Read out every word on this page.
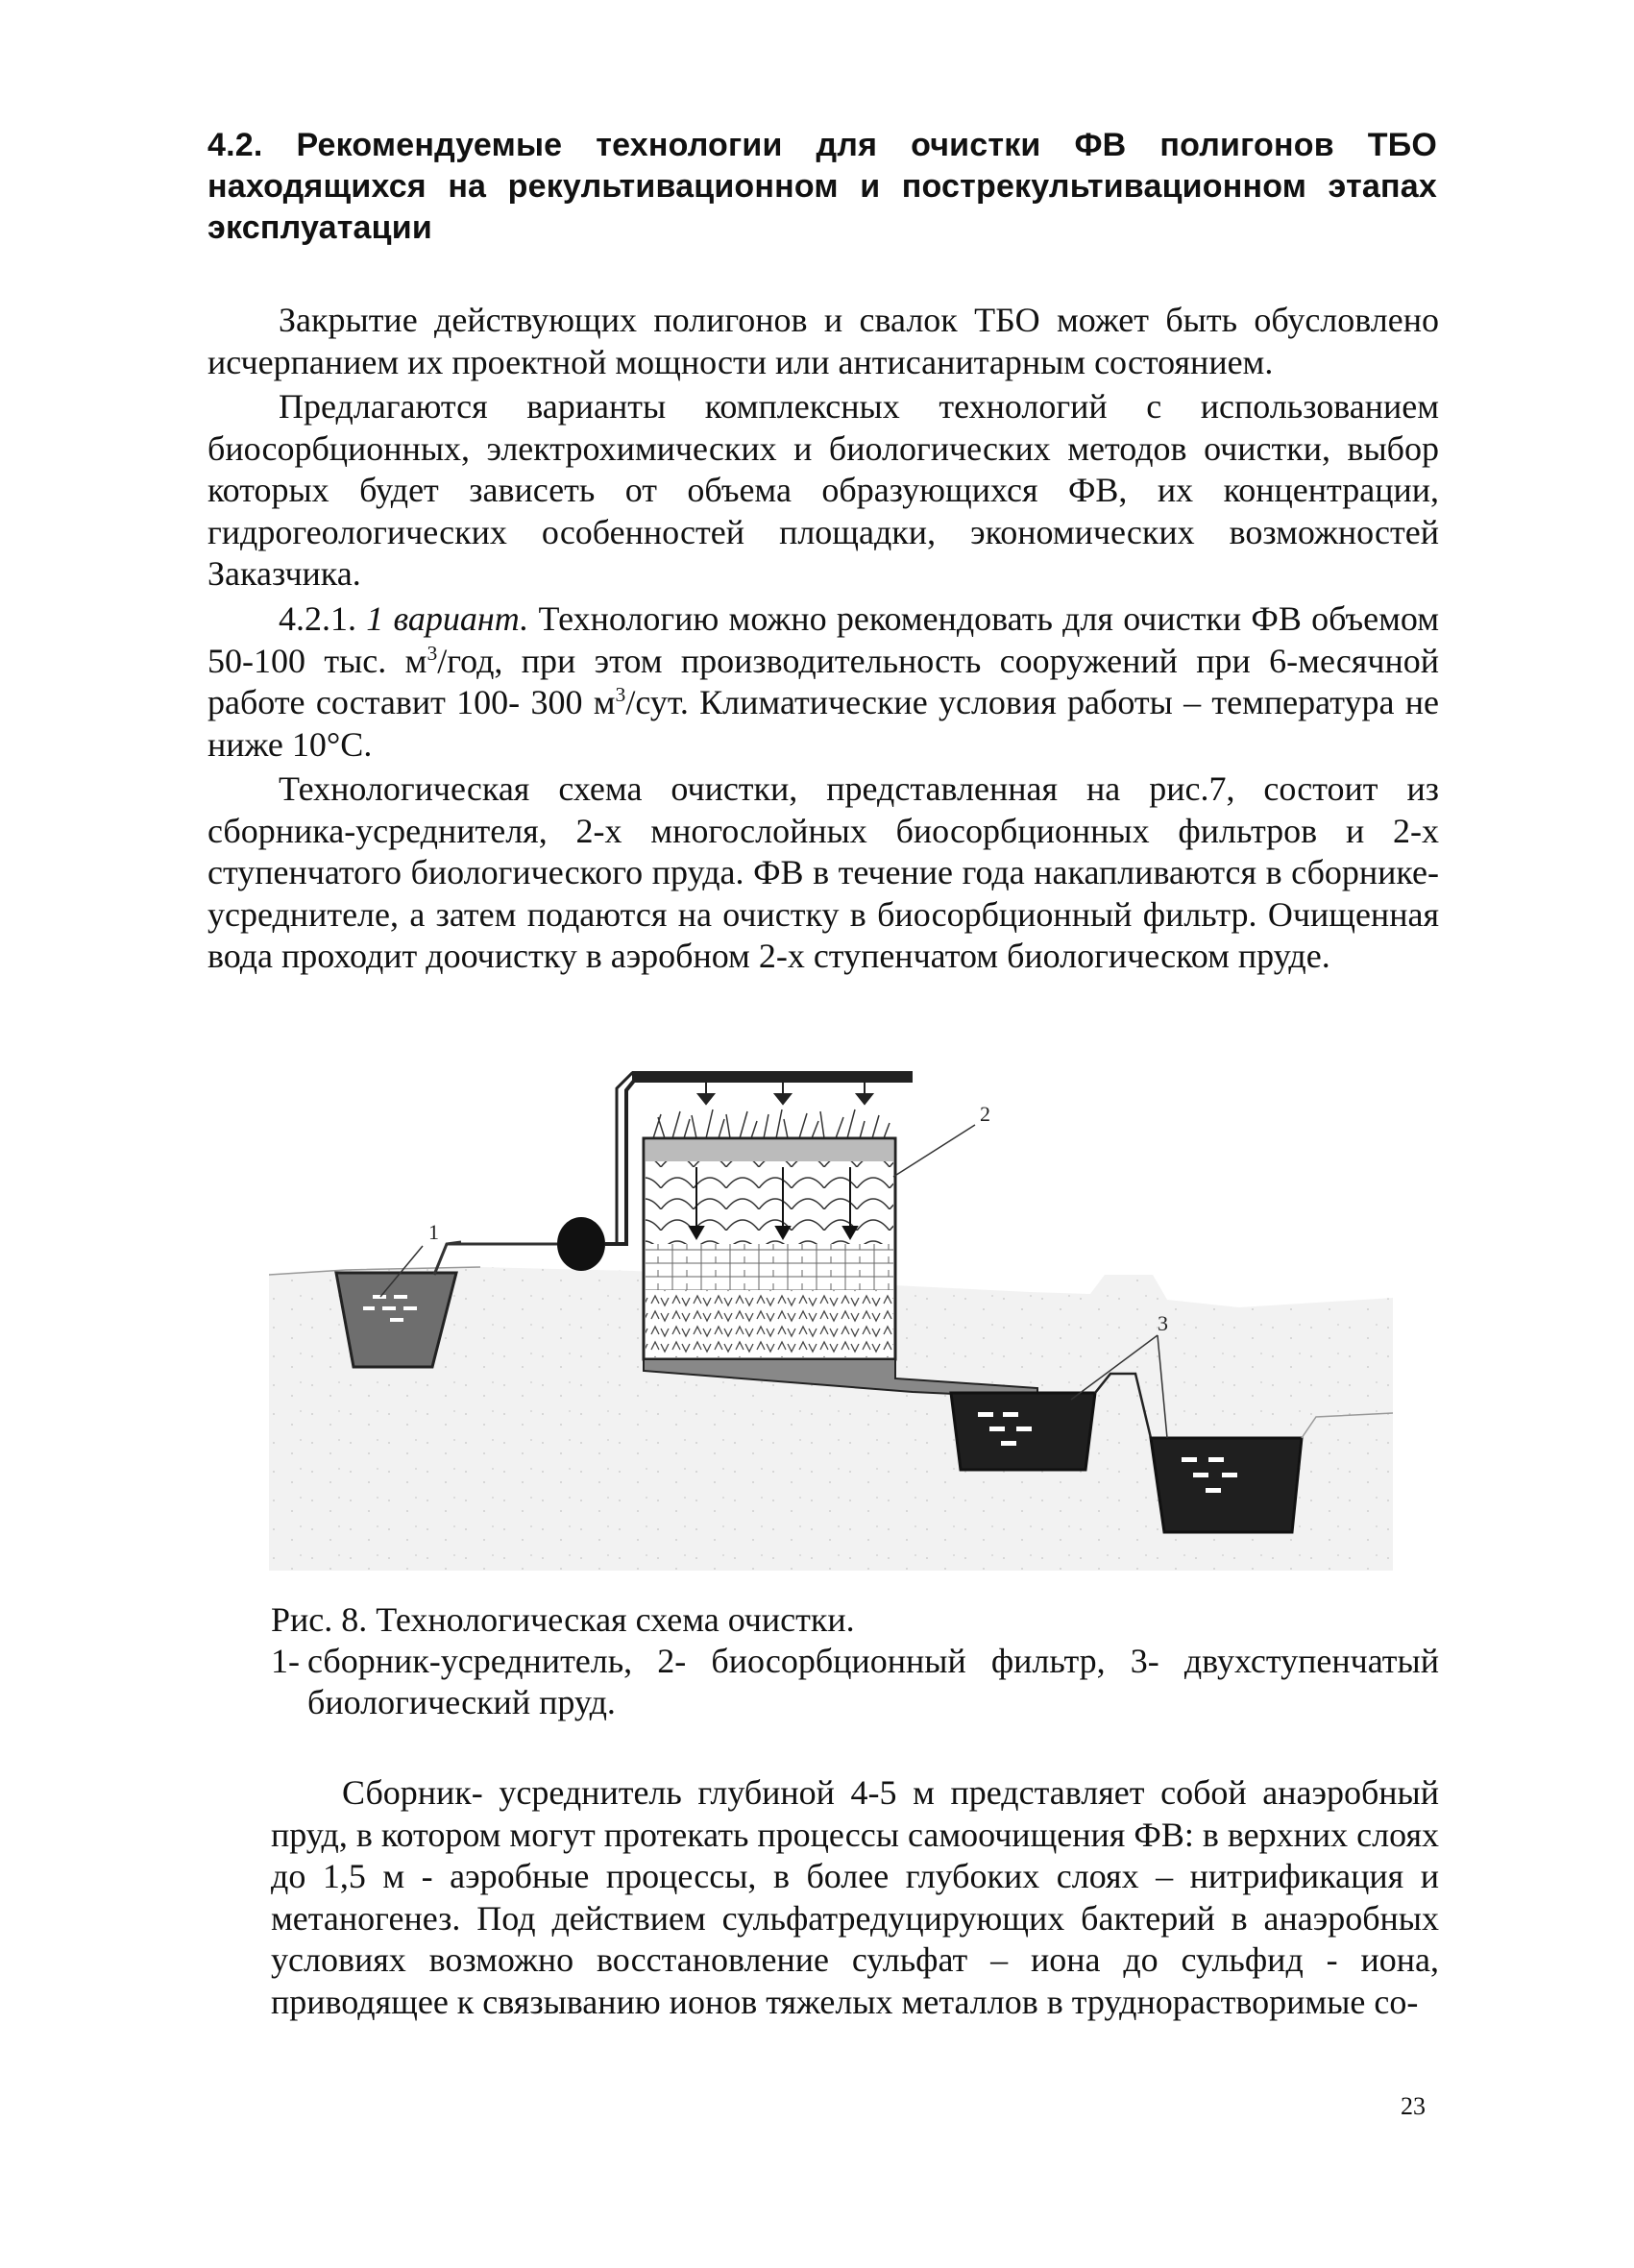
4.2. Рекомендуемые технологии для очистки ФВ полигонов ТБО находящихся на рекультивационном и пострекультивационном этапах эксплуатации

Закрытие действующих полигонов и свалок ТБО может быть обусловлено исчерпанием их проектной мощности или антисанитарным состоянием.

Предлагаются варианты комплексных технологий с использованием биосорбционных, электрохимических и биологических методов очистки, выбор которых будет зависеть от объема образующихся ФВ, их концентрации, гидрогеологических особенностей площадки, экономических возможностей Заказчика.

4.2.1. 1 вариант. Технологию можно рекомендовать для очистки ФВ объемом 50-100 тыс. $м^3$/год, при этом производительность сооружений при 6-месячной работе составит 100- 300 $м^3$/сут. Климатические условия работы – температура не ниже 10°С.

Технологическая схема очистки, представленная на рис.7, состоит из сборника-усреднителя, 2-х многослойных биосорбционных фильтров и 2-х ступенчатого биологического пруда. ФВ в течение года накапливаются в сборнике- усреднителе, а затем подаются на очистку в биосорбционный фильтр. Очищенная вода проходит доочистку в аэробном 2-х ступенчатом биологическом пруде.

1
2
3
Рис. 8. Технологическая схема очистки.
1- сборник-усреднитель, 2- биосорбционный фильтр, 3- двухступенчатый биологический пруд.

Сборник- усреднитель глубиной 4-5 м представляет собой анаэробный пруд, в котором могут протекать процессы самоочищения ФВ: в верхних слоях до 1,5 м - аэробные процессы, в более глубоких слоях – нитрификация и метаногенез. Под действием сульфатредуцирующих бактерий в анаэробных условиях возможно восстановление сульфат – иона до сульфид - иона, приводящее к связыванию ионов тяжелых металлов в труднорастворимые со-

23
